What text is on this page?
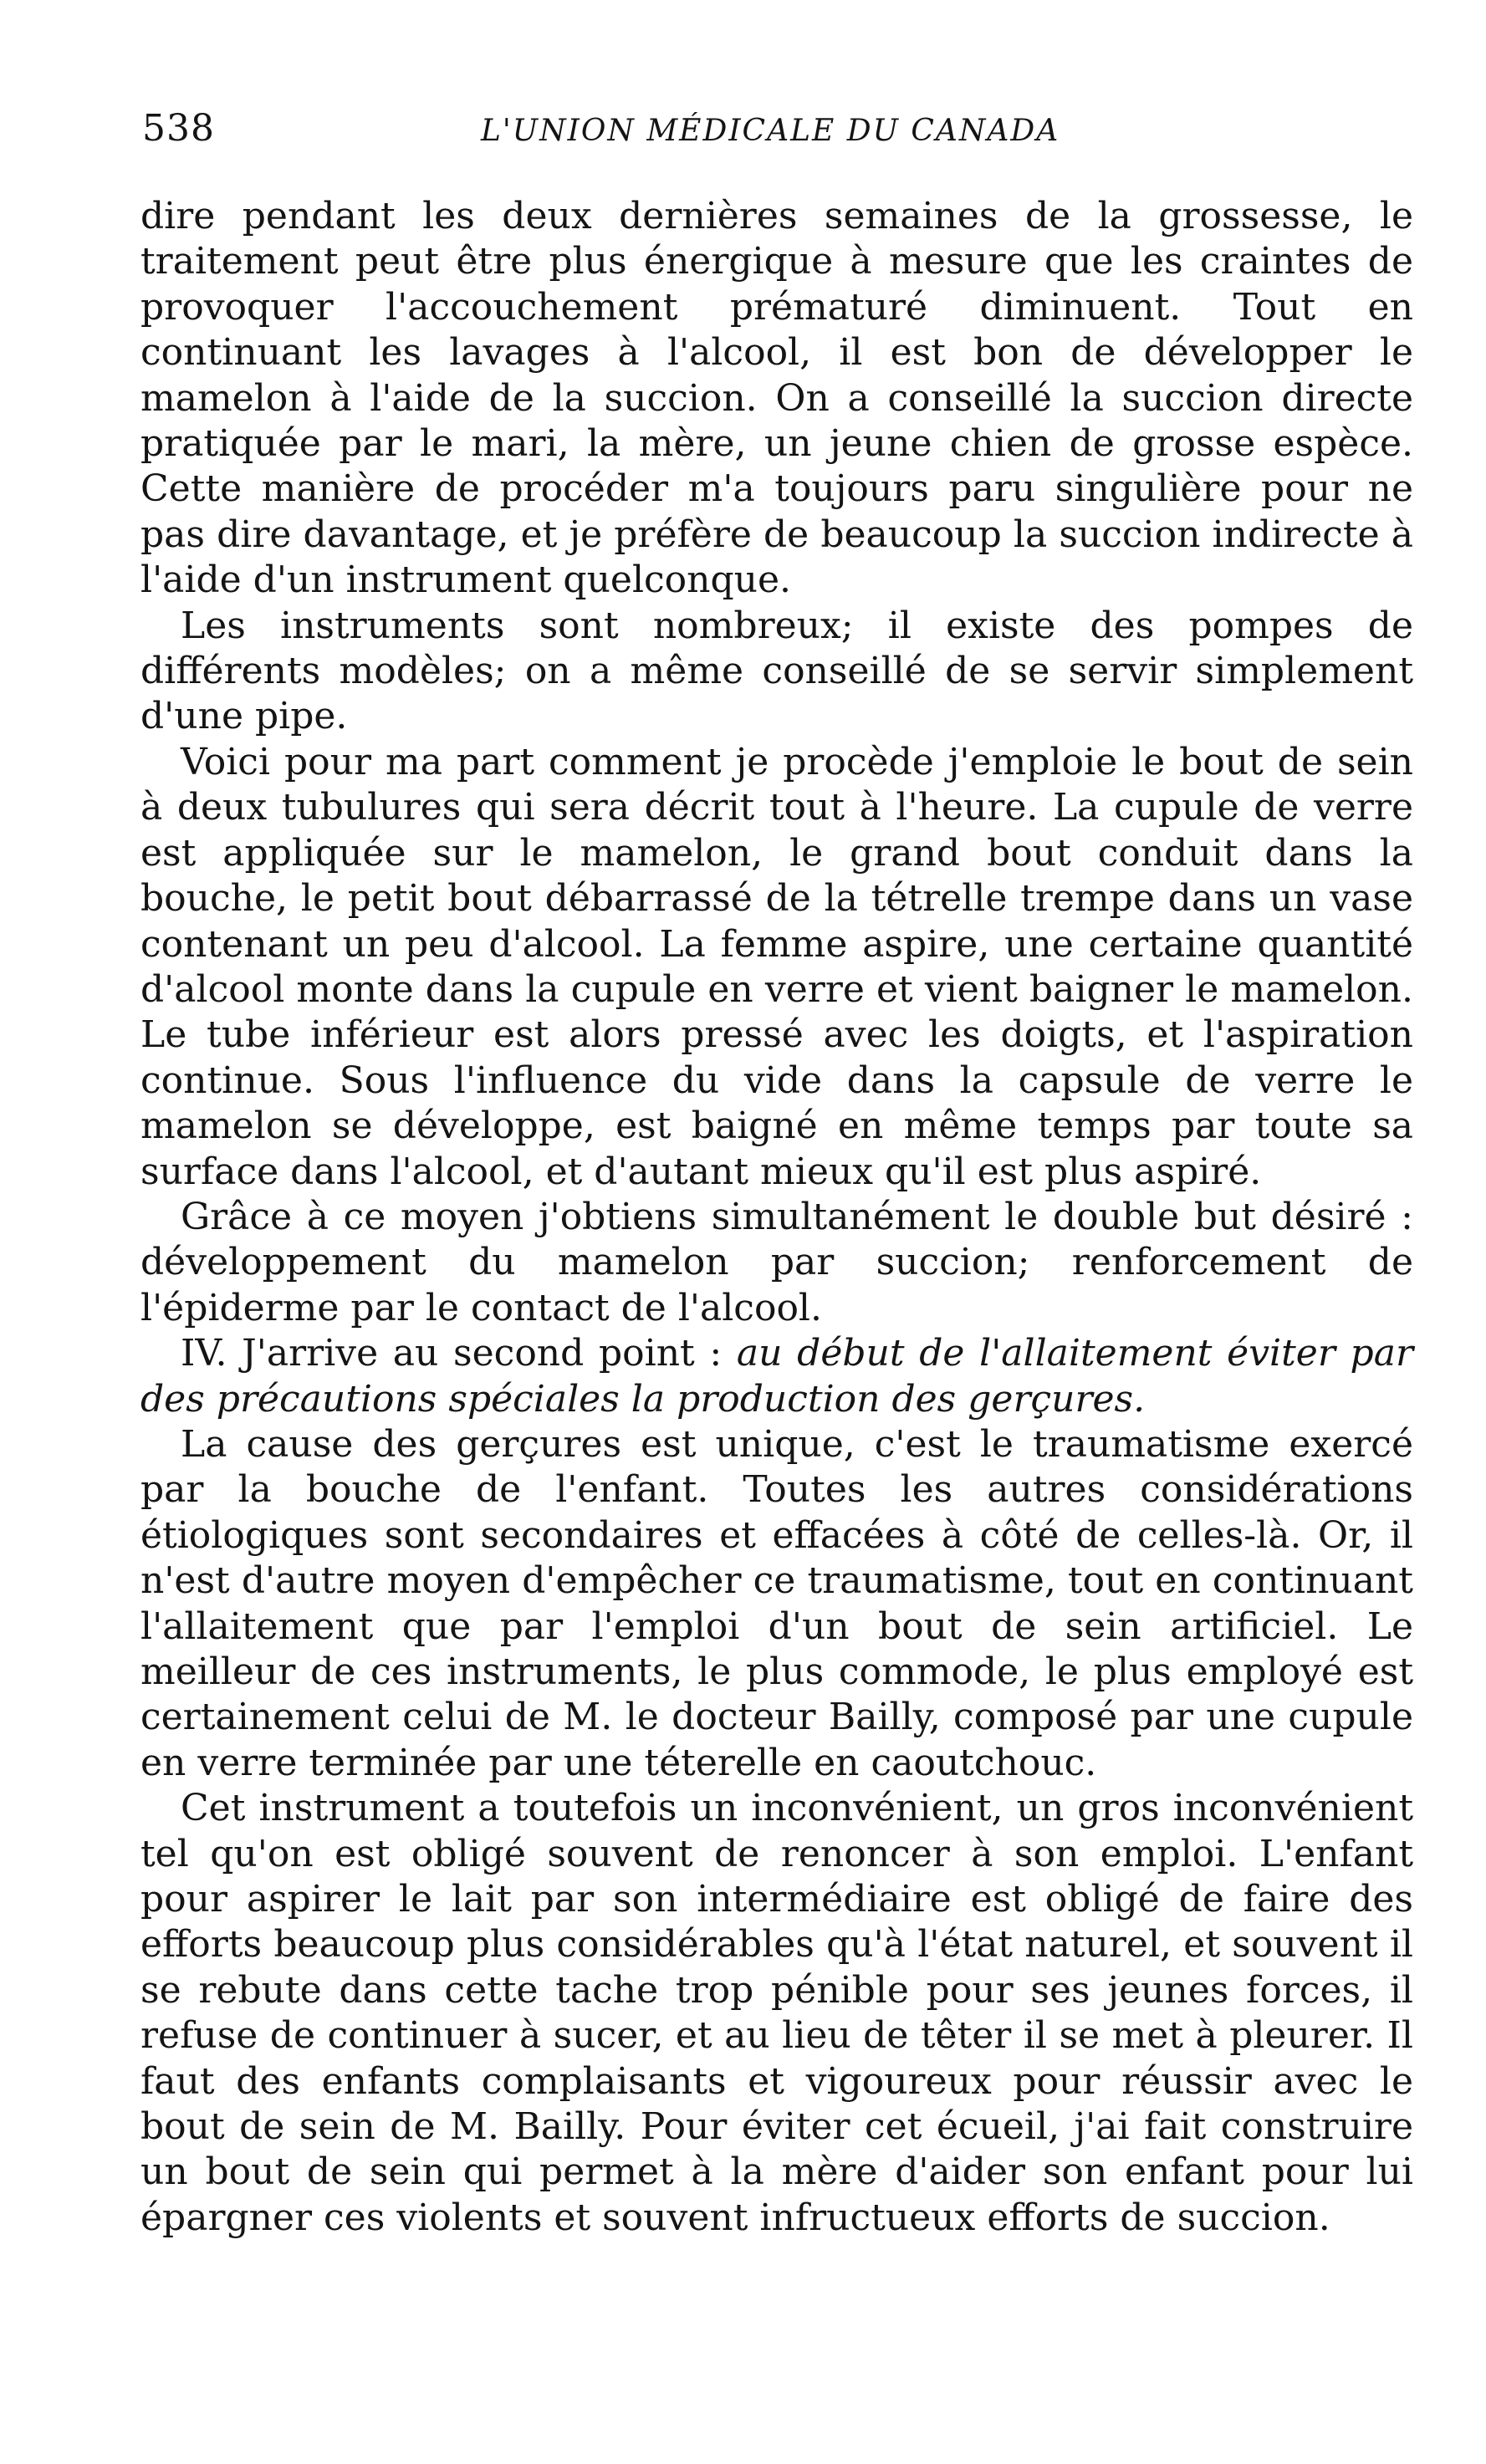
538	L'UNION MÉDICALE DU CANADA

dire pendant les deux dernières semaines de la grossesse, le traitement peut être plus énergique à mesure que les craintes de provoquer l'accouchement prématuré diminuent. Tout en continuant les lavages à l'alcool, il est bon de développer le mamelon à l'aide de la succion. On a conseillé la succion directe pratiquée par le mari, la mère, un jeune chien de grosse espèce. Cette manière de procéder m'a toujours paru singulière pour ne pas dire davantage, et je préfère de beaucoup la succion indirecte à l'aide d'un instrument quelconque.

Les instruments sont nombreux; il existe des pompes de différents modèles; on a même conseillé de se servir simplement d'une pipe.

Voici pour ma part comment je procède j'emploie le bout de sein à deux tubulures qui sera décrit tout à l'heure. La cupule de verre est appliquée sur le mamelon, le grand bout conduit dans la bouche, le petit bout débarrassé de la tétrelle trempe dans un vase contenant un peu d'alcool. La femme aspire, une certaine quantité d'alcool monte dans la cupule en verre et vient baigner le mamelon. Le tube inférieur est alors pressé avec les doigts, et l'aspiration continue. Sous l'influence du vide dans la capsule de verre le mamelon se développe, est baigné en même temps par toute sa surface dans l'alcool, et d'autant mieux qu'il est plus aspiré.

Grâce à ce moyen j'obtiens simultanément le double but désiré : développement du mamelon par succion; renforcement de l'épiderme par le contact de l'alcool.

IV. J'arrive au second point : au début de l'allaitement éviter par des précautions spéciales la production des gerçures.

La cause des gerçures est unique, c'est le traumatisme exercé par la bouche de l'enfant. Toutes les autres considérations étiologiques sont secondaires et effacées à côté de celles-là. Or, il n'est d'autre moyen d'empêcher ce traumatisme, tout en continuant l'allaitement que par l'emploi d'un bout de sein artificiel. Le meilleur de ces instruments, le plus commode, le plus employé est certainement celui de M. le docteur Bailly, composé par une cupule en verre terminée par une téterelle en caoutchouc.

Cet instrument a toutefois un inconvénient, un gros inconvénient tel qu'on est obligé souvent de renoncer à son emploi. L'enfant pour aspirer le lait par son intermédiaire est obligé de faire des efforts beaucoup plus considérables qu'à l'état naturel, et souvent il se rebute dans cette tache trop pénible pour ses jeunes forces, il refuse de continuer à sucer, et au lieu de têter il se met à pleurer. Il faut des enfants complaisants et vigoureux pour réussir avec le bout de sein de M. Bailly. Pour éviter cet écueil, j'ai fait construire un bout de sein qui permet à la mère d'aider son enfant pour lui épargner ces violents et souvent infructueux efforts de succion.
